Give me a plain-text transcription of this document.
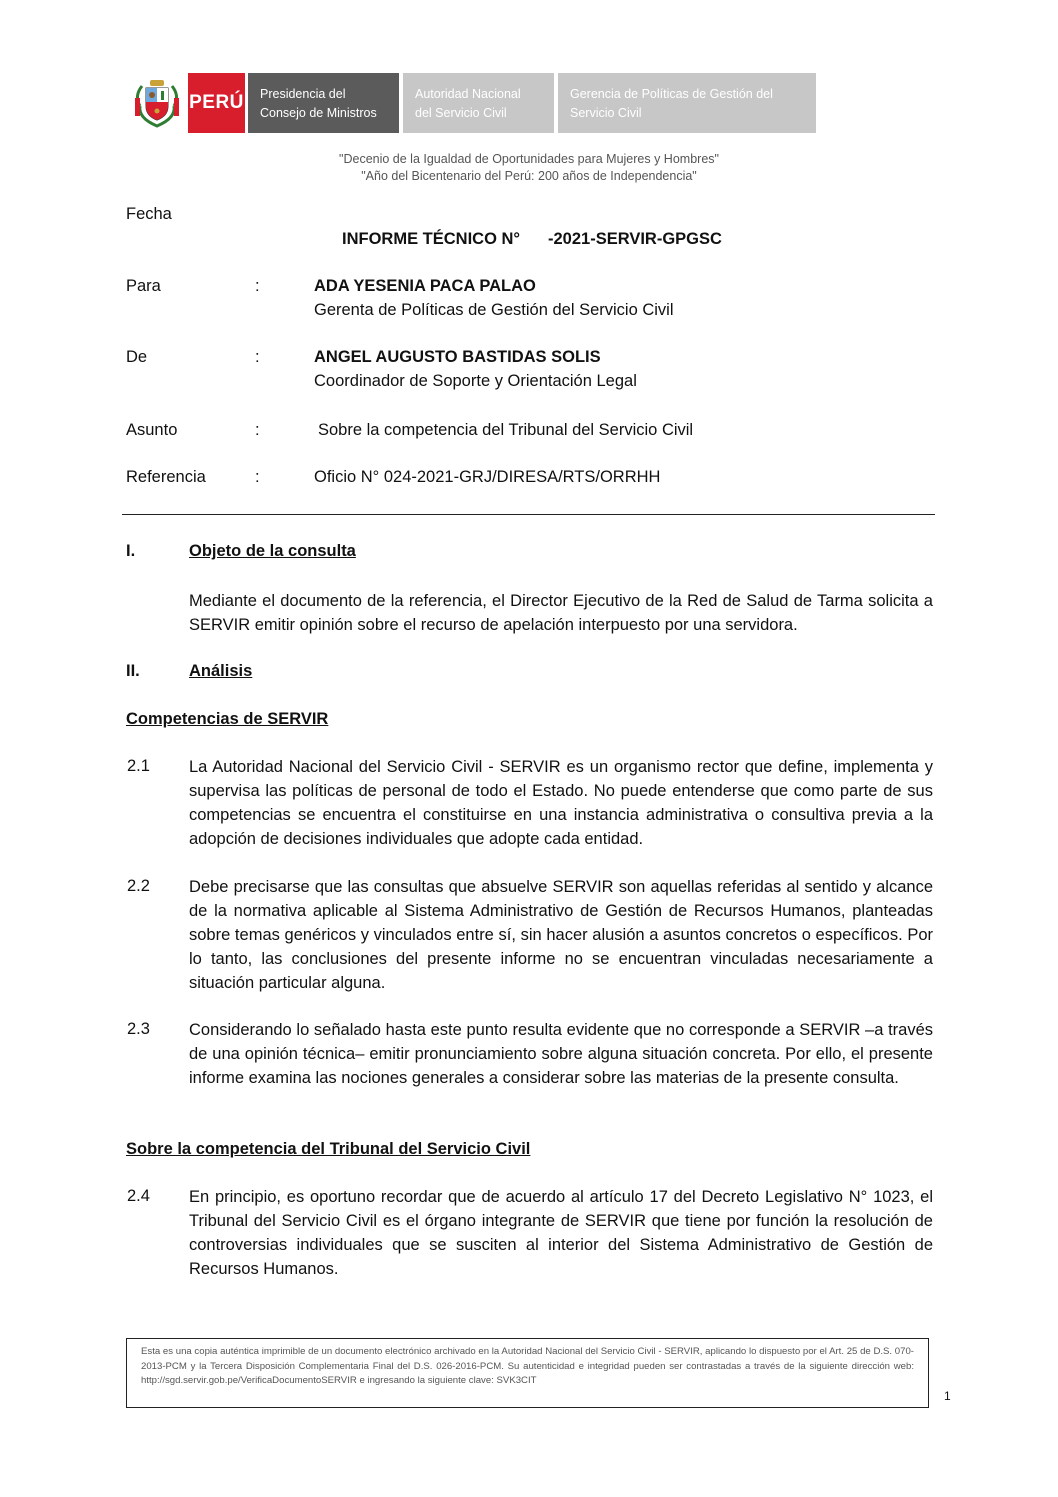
PERÚ Presidencia del
Consejo de Ministros
Autoridad Nacional
del Servicio Civil
Gerencia de Políticas de Gestión del
Servicio Civil
"Decenio de la Igualdad de Oportunidades para Mujeres y Hombres"
"Año del Bicentenario del Perú: 200 años de Independencia"
Fecha
INFORME TÉCNICO N° -2021-SERVIR-GPGSC
Para	:	ADA YESENIA PACA PALAO
Gerenta de Políticas de Gestión del Servicio Civil
De	:	ANGEL AUGUSTO BASTIDAS SOLIS
Coordinador de Soporte y Orientación Legal
Asunto	:	Sobre la competencia del Tribunal del Servicio Civil
Referencia	:	Oficio N° 024-2021-GRJ/DIRESA/RTS/ORRHH
I.	Objeto de la consulta
Mediante el documento de la referencia, el Director Ejecutivo de la Red de Salud de Tarma solicita a SERVIR emitir opinión sobre el recurso de apelación interpuesto por una servidora.
II.	Análisis
Competencias de SERVIR
2.1 La Autoridad Nacional del Servicio Civil - SERVIR es un organismo rector que define, implementa y supervisa las políticas de personal de todo el Estado. No puede entenderse que como parte de sus competencias se encuentra el constituirse en una instancia administrativa o consultiva previa a la adopción de decisiones individuales que adopte cada entidad.
2.2 Debe precisarse que las consultas que absuelve SERVIR son aquellas referidas al sentido y alcance de la normativa aplicable al Sistema Administrativo de Gestión de Recursos Humanos, planteadas sobre temas genéricos y vinculados entre sí, sin hacer alusión a asuntos concretos o específicos. Por lo tanto, las conclusiones del presente informe no se encuentran vinculadas necesariamente a situación particular alguna.
2.3 Considerando lo señalado hasta este punto resulta evidente que no corresponde a SERVIR –a través de una opinión técnica– emitir pronunciamiento sobre alguna situación concreta. Por ello, el presente informe examina las nociones generales a considerar sobre las materias de la presente consulta.
Sobre la competencia del Tribunal del Servicio Civil
2.4 En principio, es oportuno recordar que de acuerdo al artículo 17 del Decreto Legislativo N° 1023, el Tribunal del Servicio Civil es el órgano integrante de SERVIR que tiene por función la resolución de controversias individuales que se susciten al interior del Sistema Administrativo de Gestión de Recursos Humanos.
Esta es una copia auténtica imprimible de un documento electrónico archivado en la Autoridad Nacional del Servicio Civil - SERVIR, aplicando lo dispuesto por el Art. 25 de D.S. 070-2013-PCM y la Tercera Disposición Complementaria Final del D.S. 026-2016-PCM. Su autenticidad e integridad pueden ser contrastadas a través de la siguiente dirección web: http://sgd.servir.gob.pe/VerificaDocumentoSERVIR e ingresando la siguiente clave: SVK3CIT
1
